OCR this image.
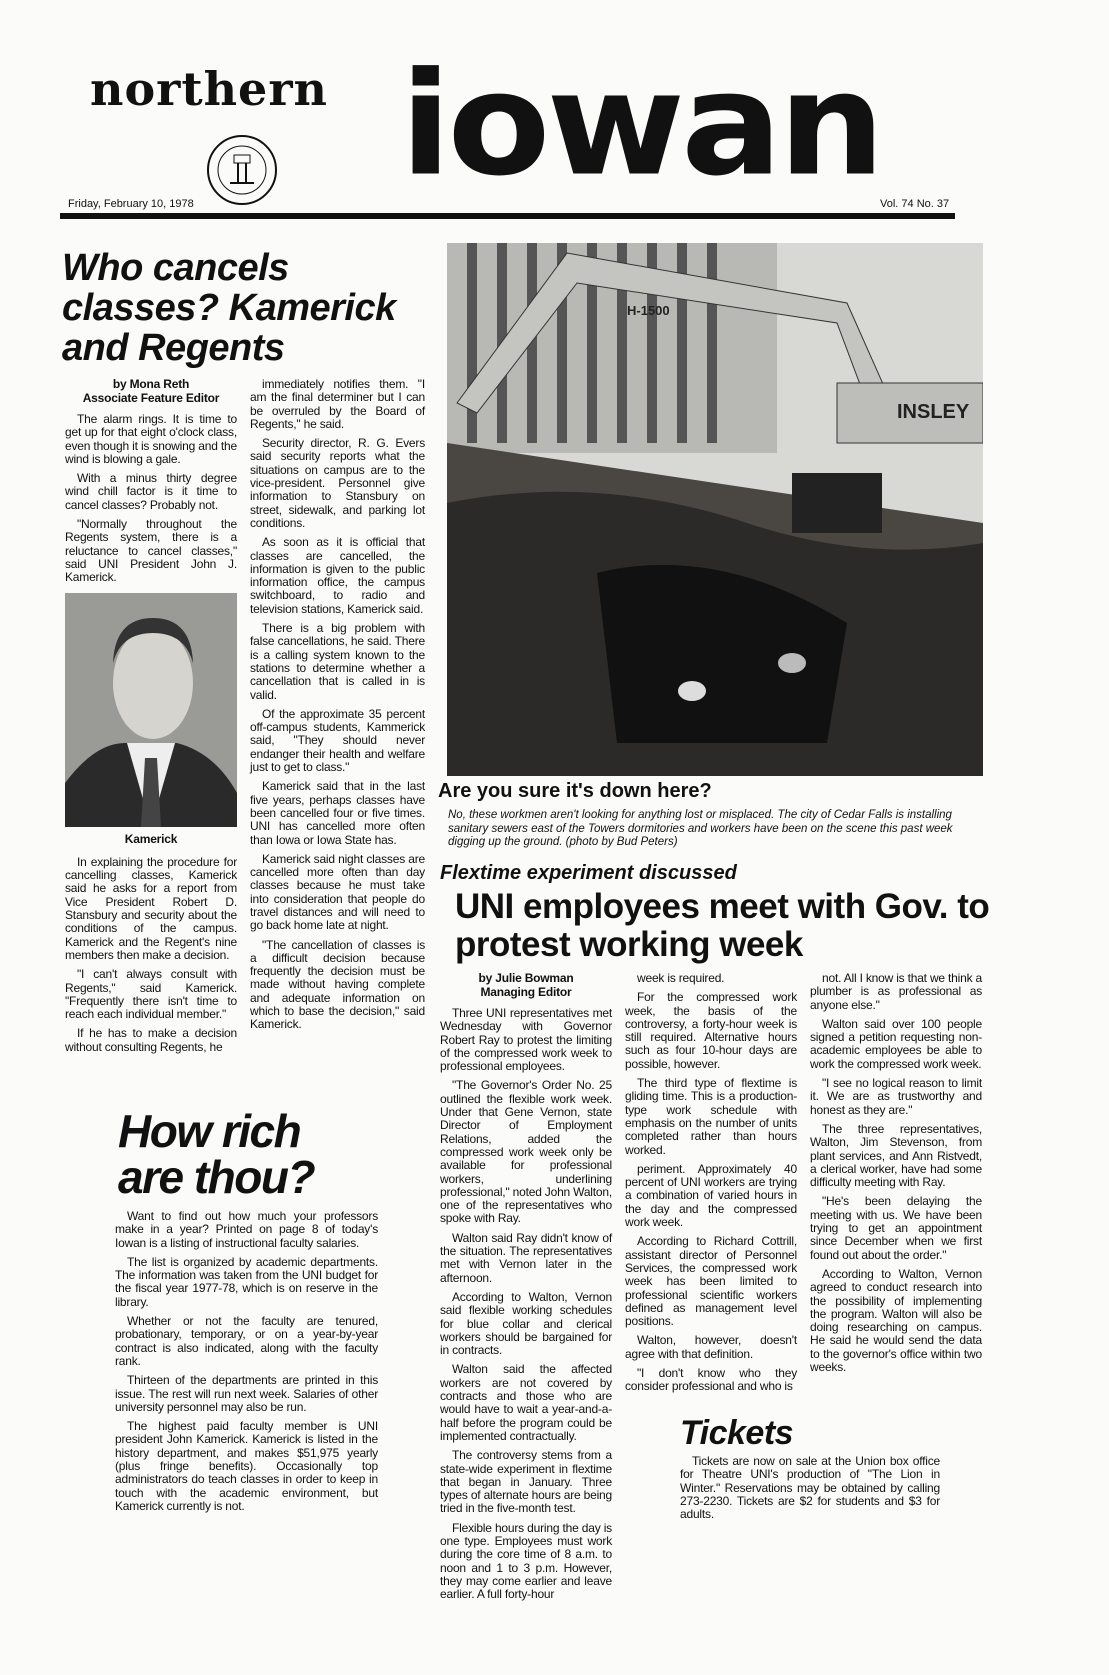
northern iowan
Friday, February 10, 1978	Vol. 74 No. 37
Who cancels classes? Kamerick and Regents
by Mona Reth
Associate Feature Editor

The alarm rings. It is time to get up for that eight o'clock class, even though it is snowing and the wind is blowing a gale.

With a minus thirty degree wind chill factor is it time to cancel classes? Probably not.

"Normally throughout the Regents system, there is a reluctance to cancel classes," said UNI President John J. Kamerick.

Kamerick

In explaining the procedure for cancelling classes, Kamerick said he asks for a report from Vice President Robert D. Stansbury and security about the conditions of the campus. Kamerick and the Regent's nine members then make a decision.

"I can't always consult with Regents," said Kamerick. "Frequently there isn't time to reach each individual member."

If he has to make a decision without consulting Regents, he

immediately notifies them. "I am the final determiner but I can be overruled by the Board of Regents," he said.

Security director, R. G. Evers said security reports what the situations on campus are to the vice-president. Personnel give information to Stansbury on street, sidewalk, and parking lot conditions.

As soon as it is official that classes are cancelled, the information is given to the public information office, the campus switchboard, to radio and television stations, Kamerick said.

There is a big problem with false cancellations, he said. There is a calling system known to the stations to determine whether a cancellation that is called in is valid.

Of the approximate 35 percent off-campus students, Kammerick said, "They should never endanger their health and welfare just to get to class."

Kamerick said that in the last five years, perhaps classes have been cancelled four or five times. UNI has cancelled more often than Iowa or Iowa State has.

Kamerick said night classes are cancelled more often than day classes because he must take into consideration that people do travel distances and will need to go back home late at night.

"The cancellation of classes is a difficult decision because frequently the decision must be made without having complete and adequate information on which to base the decision," said Kamerick.

H-1500
INSLEY
Are you sure it's down here?
No, these workmen aren't looking for anything lost or misplaced. The city of Cedar Falls is installing sanitary sewers east of the Towers dormitories and workers have been on the scene this past week digging up the ground. (photo by Bud Peters)
Flextime experiment discussed
UNI employees meet with Gov. to protest working week
by Julie Bowman
Managing Editor

Three UNI representatives met Wednesday with Governor Robert Ray to protest the limiting of the compressed work week to professional employees.

"The Governor's Order No. 25 outlined the flexible work week. Under that Gene Vernon, state Director of Employment Relations, added the compressed work week only be available for professional workers, underlining professional," noted John Walton, one of the representatives who spoke with Ray.

Walton said Ray didn't know of the situation. The representatives met with Vernon later in the afternoon.

According to Walton, Vernon said flexible working schedules for blue collar and clerical workers should be bargained for in contracts.

Walton said the affected workers are not covered by contracts and those who are would have to wait a year-and-a-half before the program could be implemented contractually.

The controversy stems from a state-wide experiment in flextime that began in January. Three types of alternate hours are being tried in the five-month test.

Flexible hours during the day is one type. Employees must work during the core time of 8 a.m. to noon and 1 to 3 p.m. However, they may come earlier and leave earlier. A full forty-hour

week is required.

For the compressed work week, the basis of the controversy, a forty-hour week is still required. Alternative hours such as four 10-hour days are possible, however.

The third type of flextime is gliding time. This is a production-type work schedule with emphasis on the number of units completed rather than hours worked.

periment. Approximately 40 percent of UNI workers are trying a combination of varied hours in the day and the compressed work week.

According to Richard Cottrill, assistant director of Personnel Services, the compressed work week has been limited to professional scientific workers defined as management level positions.

Walton, however, doesn't agree with that definition.

"I don't know who they consider professional and who is

not. All I know is that we think a plumber is as professional as anyone else."

Walton said over 100 people signed a petition requesting non-academic employees be able to work the compressed work week.

"I see no logical reason to limit it. We are as trustworthy and honest as they are."

The three representatives, Walton, Jim Stevenson, from plant services, and Ann Ristvedt, a clerical worker, have had some difficulty meeting with Ray.

"He's been delaying the meeting with us. We have been trying to get an appointment since December when we first found out about the order."

According to Walton, Vernon agreed to conduct research into the possibility of implementing the program. Walton will also be doing researching on campus. He said he would send the data to the governor's office within two weeks.

How rich are thou?

Want to find out how much your professors make in a year? Printed on page 8 of today's Iowan is a listing of instructional faculty salaries.

The list is organized by academic departments. The information was taken from the UNI budget for the fiscal year 1977-78, which is on reserve in the library.

Whether or not the faculty are tenured, probationary, temporary, or on a year-by-year contract is also indicated, along with the faculty rank.

Thirteen of the departments are printed in this issue. The rest will run next week. Salaries of other university personnel may also be run.

The highest paid faculty member is UNI president John Kamerick. Kamerick is listed in the history department, and makes $51,975 yearly (plus fringe benefits). Occasionally top administrators do teach classes in order to keep in touch with the academic environment, but Kamerick currently is not.

Tickets

Tickets are now on sale at the Union box office for Theatre UNI's production of "The Lion in Winter." Reservations may be obtained by calling 273-2230. Tickets are $2 for students and $3 for adults.
